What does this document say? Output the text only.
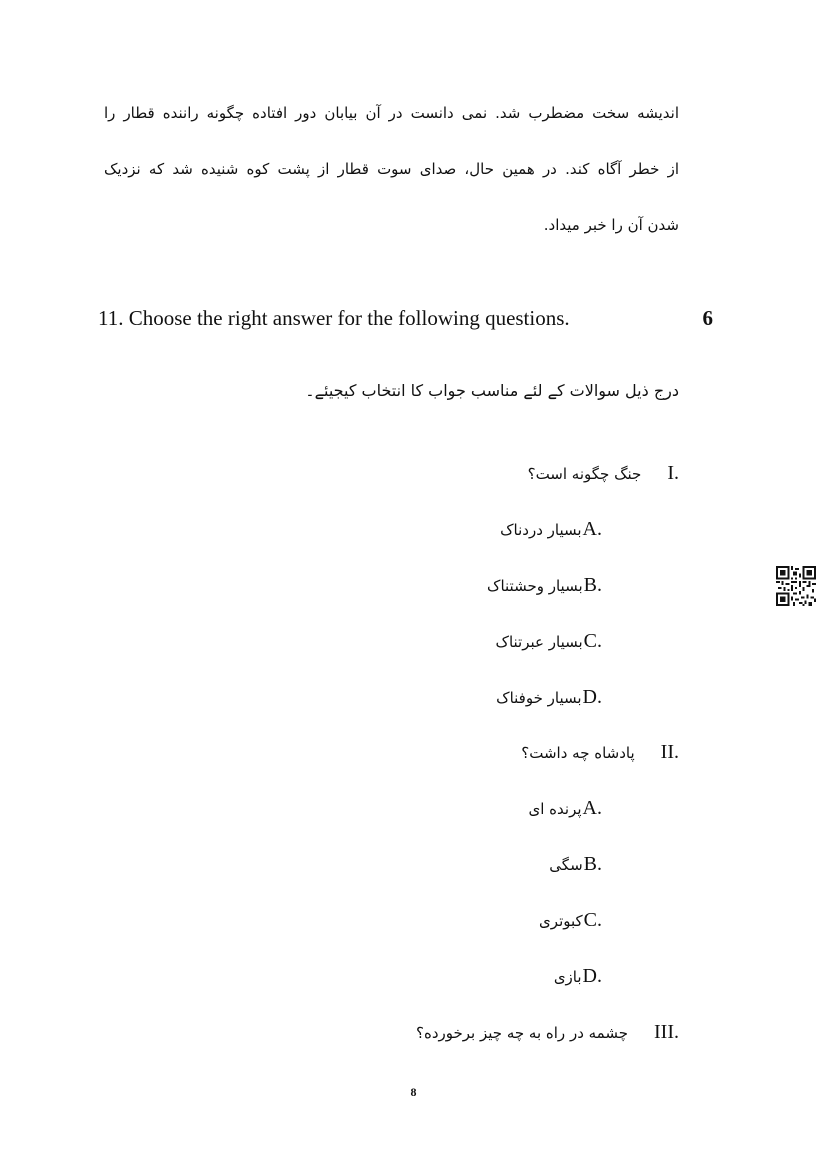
اندیشه سخت مضطرب شد. نمی دانست در آن بیابان دور افتاده چگونه راننده قطار را
از خطر آگاه کند. در همین حال، صدای سوت قطار از پشت کوه شنیده شد که نزدیک
شدن آن را خبر میداد.
11. Choose the right answer for the following questions.	6
درج ذیل سوالات کے لئے مناسب جواب کا انتخاب کیجیئے۔
جنگ چگونه است؟ I.
بسیار دردناک A.
بسیار وحشتناک B.
بسیار عبرتناک C.
بسیار خوفناک D.
پادشاه چه داشت؟ II.
پرنده ای A.
سگی B.
کبوتری C.
بازی D.
چشمه در راه به چه چیز برخورده؟ III.
8
